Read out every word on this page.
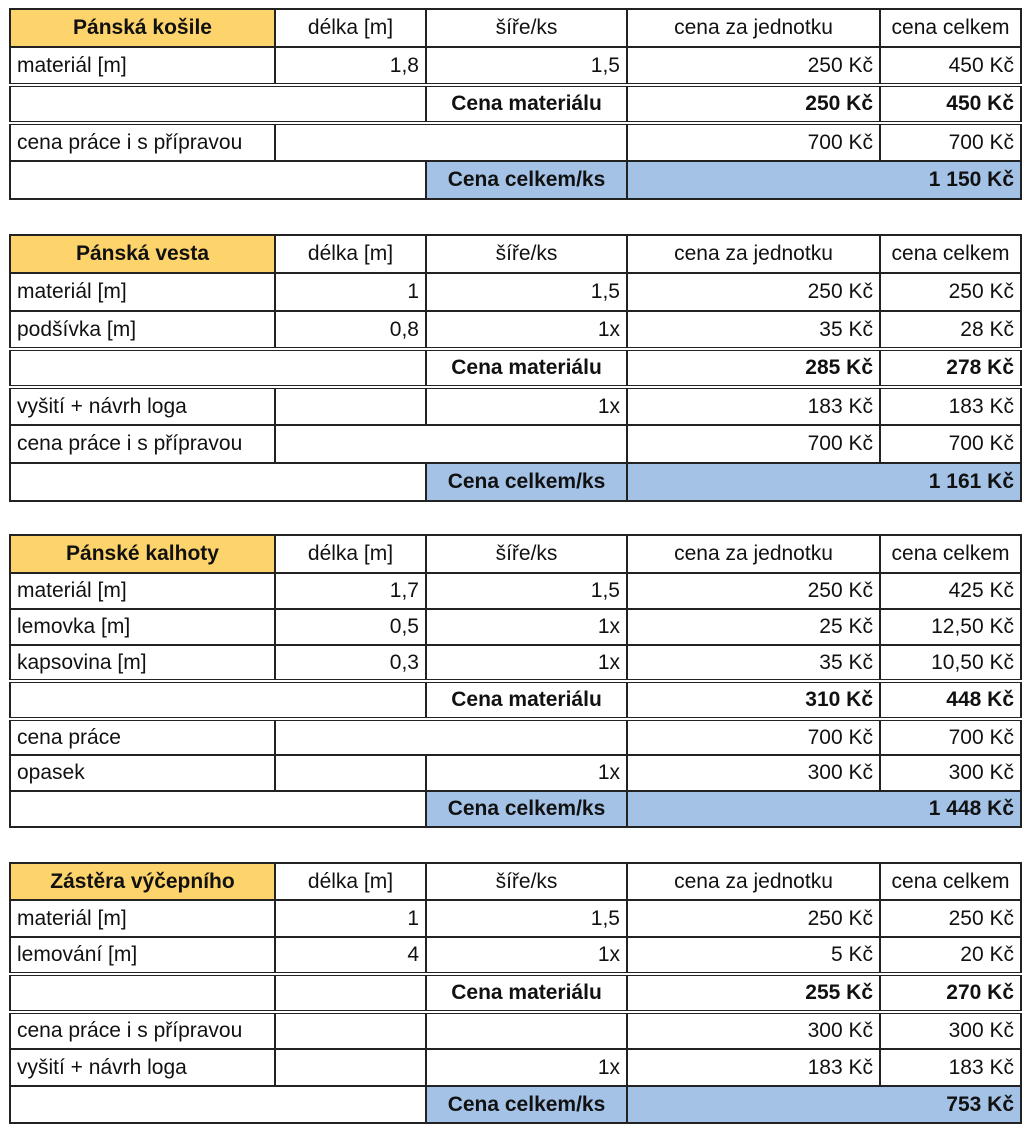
Pánská košile	délka [m]	šíře/ks	cena za jednotku	cena celkem
materiál [m]	1,8	1,5	250 Kč	450 Kč
		Cena materiálu	250 Kč	450 Kč
cena práce i s přípravou			700 Kč	700 Kč
		Cena celkem/ks		1 150 Kč
Pánská vesta	délka [m]	šíře/ks	cena za jednotku	cena celkem
materiál [m]	1	1,5	250 Kč	250 Kč
podšívka [m]	0,8	1x	35 Kč	28 Kč
		Cena materiálu	285 Kč	278 Kč
vyšití + návrh loga		1x	183 Kč	183 Kč
cena práce i s přípravou			700 Kč	700 Kč
		Cena celkem/ks		1 161 Kč
Pánské kalhoty	délka [m]	šíře/ks	cena za jednotku	cena celkem
materiál [m]	1,7	1,5	250 Kč	425 Kč
lemovka [m]	0,5	1x	25 Kč	12,50 Kč
kapsovina [m]	0,3	1x	35 Kč	10,50 Kč
		Cena materiálu	310 Kč	448 Kč
cena práce			700 Kč	700 Kč
opasek		1x	300 Kč	300 Kč
		Cena celkem/ks		1 448 Kč
Zástěra výčepního	délka [m]	šíře/ks	cena za jednotku	cena celkem
materiál [m]	1	1,5	250 Kč	250 Kč
lemování [m]	4	1x	5 Kč	20 Kč
		Cena materiálu	255 Kč	270 Kč
cena práce i s přípravou			300 Kč	300 Kč
vyšití + návrh loga		1x	183 Kč	183 Kč
		Cena celkem/ks		753 Kč
